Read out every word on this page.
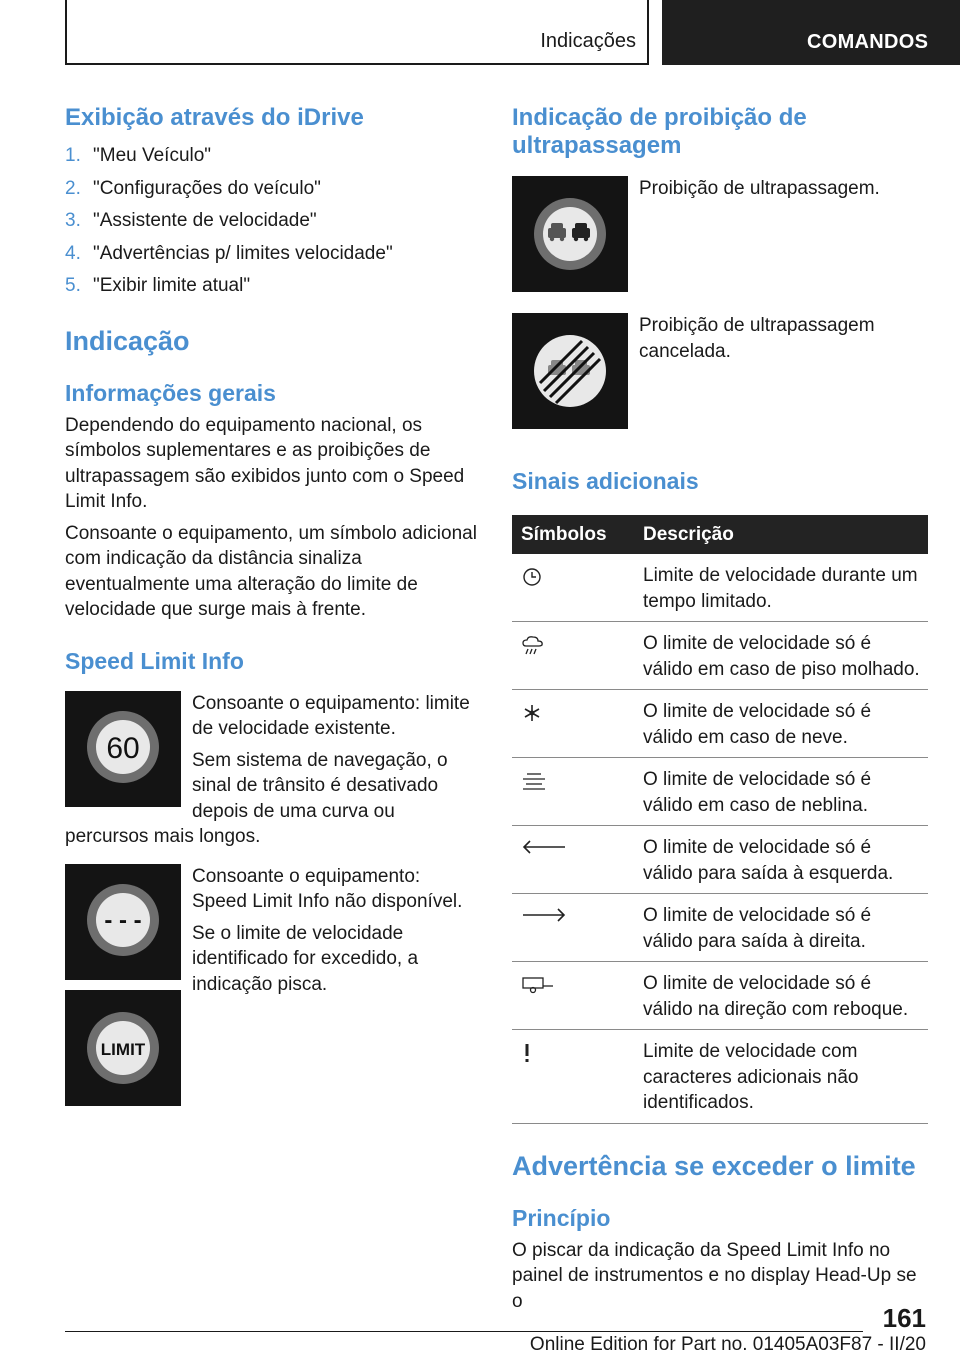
Indicações	COMANDOS
Exibição através do iDrive
1. "Meu Veículo"
2. "Configurações do veículo"
3. "Assistente de velocidade"
4. "Advertências p/ limites velocidade"
5. "Exibir limite atual"
Indicação
Informações gerais

Dependendo do equipamento nacional, os símbolos suplementares e as proibições de ultrapassagem são exibidos junto com o Speed Limit Info.

Consoante o equipamento, um símbolo adicional com indicação da distância sinaliza eventualmente uma alteração do limite de velocidade que surge mais à frente.

Speed Limit Info
60

Consoante o equipamento: limite de velocidade existente.

Sem sistema de navegação, o sinal de trânsito é desativado depois de uma curva ou percursos mais longos.

- - -
LIMIT

Consoante o equipamento: Speed Limit Info não disponível.

Se o limite de velocidade identificado for excedido, a indicação pisca.

Indicação de proibição de ultrapassagem

Proibição de ultrapassagem.

Proibição de ultrapassagem cancelada.

Sinais adicionais
Símbolos	Descrição

	Limite de velocidade durante um tempo limitado.

	O limite de velocidade só é válido em caso de piso molhado.

	O limite de velocidade só é válido em caso de neve.

	O limite de velocidade só é válido em caso de neblina.

	O limite de velocidade só é válido para saída à esquerda.

	O limite de velocidade só é válido para saída à direita.

	O limite de velocidade só é válido na direção com reboque.

	Limite de velocidade com caracteres adicionais não identificados.
Advertência se exceder o limite
Princípio

O piscar da indicação da Speed Limit Info no painel de instrumentos e no display Head-Up se o

161
Online Edition for Part no. 01405A03F87 - II/20
